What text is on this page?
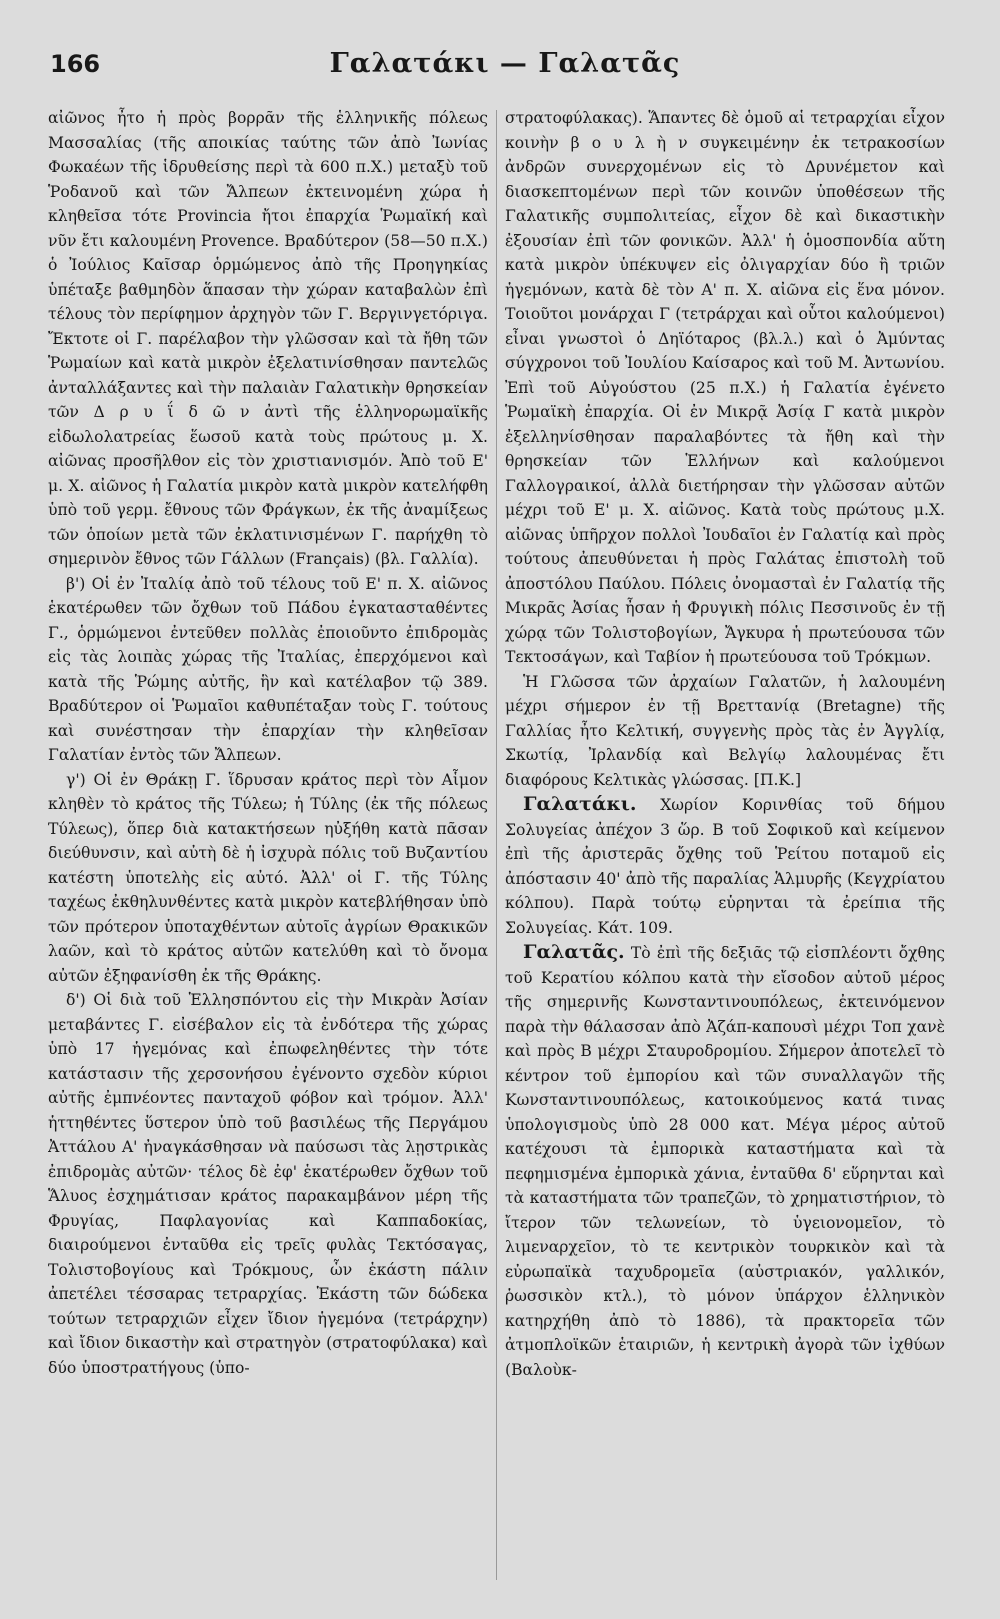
166	Γαλατάκι — Γαλατᾶς

αἰῶνος ἦτο ἡ πρὸς βορρᾶν τῆς ἑλληνικῆς πόλεως Μασσαλίας (τῆς αποικίας ταύτης τῶν ἀπὸ Ἰωνίας Φωκαέων τῆς ἱδρυθείσης περὶ τὰ 600 π.Χ.) μεταξὺ τοῦ Ῥοδανοῦ καὶ τῶν Ἄλπεων ἐκτεινομένη χώρα ἡ κληθεῖσα τότε Provincia ἤτοι ἐπαρχία Ῥωμαϊκή καὶ νῦν ἔτι καλουμένη Provence. Βραδύτερον (58—50 π.Χ.) ὁ Ἰούλιος Καῖσαρ ὁρμώμενος ἀπὸ τῆς Προηγηκίας ὑπέταξε βαθμηδὸν ἅπασαν τὴν χώραν καταβαλὼν ἐπὶ τέλους τὸν περίφημον ἀρχηγὸν τῶν Γ. Βεργινγετόριγα. Ἔκτοτε οἱ Γ. παρέλαβον τὴν γλῶσσαν καὶ τὰ ἤθη τῶν Ῥωμαίων καὶ κατὰ μικρὸν ἐξελατινίσθησαν παντελῶς ἀνταλλάξαντες καὶ τὴν παλαιὰν Γαλατικὴν θρησκείαν τῶν Δ ρ υ ΐ δ ῶ ν ἀντὶ τῆς ἑλληνορωμαϊκῆς εἰδωλολατρείας ἕωσοῦ κατὰ τοὺς πρώτους μ. Χ. αἰῶνας προσῆλθον εἰς τὸν χριστιανισμόν. Ἀπὸ τοῦ Ε' μ. Χ. αἰῶνος ἡ Γαλατία μικρὸν κατὰ μικρὸν κατελήφθη ὑπὸ τοῦ γερμ. ἔθνους τῶν Φράγκων, ἐκ τῆς ἀναμίξεως τῶν ὁποίων μετὰ τῶν ἐκλατινισμένων Γ. παρήχθη τὸ σημερινὸν ἔθνος τῶν Γάλλων (Français) (βλ. Γαλλία).

β') Οἱ ἐν Ἰταλίᾳ ἀπὸ τοῦ τέλους τοῦ Ε' π. Χ. αἰῶνος ἑκατέρωθεν τῶν ὄχθων τοῦ Πάδου ἐγκατασταθέντες Γ., ὁρμώμενοι ἐντεῦθεν πολλὰς ἐποιοῦντο ἐπιδρομὰς εἰς τὰς λοιπὰς χώρας τῆς Ἰταλίας, ἐπερχόμενοι καὶ κατὰ τῆς Ῥώμης αὐτῆς, ἣν καὶ κατέλαβον τῷ 389. Βραδύτερον οἱ Ῥωμαῖοι καθυπέταξαν τοὺς Γ. τούτους καὶ συνέστησαν τὴν ἐπαρχίαν τὴν κληθεῖσαν Γαλατίαν ἐντὸς τῶν Ἄλπεων.

γ') Οἱ ἐν Θράκῃ Γ. ἵδρυσαν κράτος περὶ τὸν Αἷμον κληθὲν τὸ κράτος τῆς Τύλεω; ἡ Τύλης (ἐκ τῆς πόλεως Τύλεως), ὅπερ διὰ κατακτήσεων ηὐξήθη κατὰ πᾶσαν διεύθυνσιν, καὶ αὐτὴ δὲ ἡ ἰσχυρὰ πόλις τοῦ Βυζαντίου κατέστη ὑποτελὴς εἰς αὐτό. Ἀλλ' οἱ Γ. τῆς Τύλης ταχέως ἐκθηλυνθέντες κατὰ μικρὸν κατεβλήθησαν ὑπὸ τῶν πρότερον ὑποταχθέντων αὐτοῖς ἀγρίων Θρακικῶν λαῶν, καὶ τὸ κράτος αὐτῶν κατελύθη καὶ τὸ ὄνομα αὐτῶν ἐξηφανίσθη ἐκ τῆς Θράκης.

δ') Οἱ διὰ τοῦ Ἑλλησπόντου εἰς τὴν Μικρὰν Ἀσίαν μεταβάντες Γ. εἰσέβαλον εἰς τὰ ἐνδότερα τῆς χώρας ὑπὸ 17 ἡγεμόνας καὶ ἐπωφεληθέντες τὴν τότε κατάστασιν τῆς χερσονήσου ἐγένοντο σχεδὸν κύριοι αὐτῆς ἐμπνέοντες πανταχοῦ φόβον καὶ τρόμον. Ἀλλ' ἡττηθέντες ὕστερον ὑπὸ τοῦ βασιλέως τῆς Περγάμου Ἀττάλου Α' ἠναγκάσθησαν νὰ παύσωσι τὰς λῃστρικὰς ἐπιδρομὰς αὐτῶν· τέλος δὲ ἐφ' ἑκατέρωθεν ὄχθων τοῦ Ἅλυος ἐσχημάτισαν κράτος παρακαμβάνον μέρη τῆς Φρυγίας, Παφλαγονίας καὶ Καππαδοκίας, διαιρούμενοι ἐνταῦθα εἰς τρεῖς φυλὰς Τεκτόσαγας, Τολιστοβογίους καὶ Τρόκμους, ὧν ἑκάστη πάλιν ἀπετέλει τέσσαρας τετραρχίας. Ἑκάστη τῶν δώδεκα τούτων τετραρχιῶν εἶχεν ἴδιον ἡγεμόνα (τετράρχην) καὶ ἴδιον δικαστὴν καὶ στρατηγὸν (στρατοφύλακα) καὶ δύο ὑποστρατήγους (ὑπο-

στρατοφύλακας). Ἅπαντες δὲ ὁμοῦ αἱ τετραρχίαι εἶχον κοινὴν β ο υ λ ὴ ν συγκειμένην ἐκ τετρακοσίων ἀνδρῶν συνερχομένων εἰς τὸ Δρυνέμετον καὶ διασκεπτομένων περὶ τῶν κοινῶν ὑποθέσεων τῆς Γαλατικῆς συμπολιτείας, εἶχον δὲ καὶ δικαστικὴν ἐξουσίαν ἐπὶ τῶν φονικῶν. Ἀλλ' ἡ ὁμοσπονδία αὕτη κατὰ μικρὸν ὑπέκυψεν εἰς ὀλιγαρχίαν δύο ἢ τριῶν ἡγεμόνων, κατὰ δὲ τὸν Α' π. Χ. αἰῶνα εἰς ἕνα μόνον. Τοιοῦτοι μονάρχαι Γ (τετράρχαι καὶ οὗτοι καλούμενοι) εἶναι γνωστοὶ ὁ Δηϊόταρος (βλ.λ.) καὶ ὁ Ἀμύντας σύγχρονοι τοῦ Ἰουλίου Καίσαρος καὶ τοῦ Μ. Ἀντωνίου. Ἐπὶ τοῦ Αὐγούστου (25 π.Χ.) ἡ Γαλατία ἐγένετο Ῥωμαϊκὴ ἐπαρχία. Οἱ ἐν Μικρᾷ Ἀσίᾳ Γ κατὰ μικρὸν ἐξελληνίσθησαν παραλαβόντες τὰ ἤθη καὶ τὴν θρησκείαν τῶν Ἑλλήνων καὶ καλούμενοι Γαλλογραικοί, ἀλλὰ διετήρησαν τὴν γλῶσσαν αὐτῶν μέχρι τοῦ Ε' μ. Χ. αἰῶνος. Κατὰ τοὺς πρώτους μ.Χ. αἰῶνας ὑπῆρχον πολλοὶ Ἰουδαῖοι ἐν Γαλατίᾳ καὶ πρὸς τούτους ἀπευθύνεται ἡ πρὸς Γαλάτας ἐπιστολὴ τοῦ ἀποστόλου Παύλου. Πόλεις ὀνομασταὶ ἐν Γαλατίᾳ τῆς Μικρᾶς Ἀσίας ἦσαν ἡ Φρυγικὴ πόλις Πεσσινοῦς ἐν τῇ χώρᾳ τῶν Τολιστοβογίων, Ἄγκυρα ἡ πρωτεύουσα τῶν Τεκτοσάγων, καὶ Ταβίον ἡ πρωτεύουσα τοῦ Τρόκμων.

Ἡ Γλῶσσα τῶν ἀρχαίων Γαλατῶν, ἡ λαλουμένη μέχρι σήμερον ἐν τῇ Βρεττανίᾳ (Bretagne) τῆς Γαλλίας ἦτο Κελτική, συγγενὴς πρὸς τὰς ἐν Ἀγγλίᾳ, Σκωτίᾳ, Ἰρλανδίᾳ καὶ Βελγίῳ λαλουμένας ἔτι διαφόρους Κελτικὰς γλώσσας. [Π.Κ.]

Γαλατάκι. Χωρίον Κορινθίας τοῦ δήμου Σολυγείας ἀπέχον 3 ὥρ. Β τοῦ Σοφικοῦ καὶ κείμενον ἐπὶ τῆς ἀριστερᾶς ὄχθης τοῦ Ῥείτου ποταμοῦ εἰς ἀπόστασιν 40' ἀπὸ τῆς παραλίας Ἁλμυρῆς (Κεγχρίατου κόλπου). Παρὰ τούτῳ εὑρηνται τὰ ἐρείπια τῆς Σολυγείας. Κάτ. 109.

Γαλατᾶς. Τὸ ἐπὶ τῆς δεξιᾶς τῷ εἰσπλέοντι ὄχθης τοῦ Κερατίου κόλπου κατὰ τὴν εἴσοδον αὐτοῦ μέρος τῆς σημερινῆς Κωνσταντινουπόλεως, ἐκτεινόμενον παρὰ τὴν θάλασσαν ἀπὸ Ἀζάπ-καπουσὶ μέχρι Τοπ χανὲ καὶ πρὸς Β μέχρι Σταυροδρομίου. Σήμερον ἀποτελεῖ τὸ κέντρον τοῦ ἐμπορίου καὶ τῶν συναλλαγῶν τῆς Κωνσταντινουπόλεως, κατοικούμενος κατά τινας ὑπολογισμοὺς ὑπὸ 28 000 κατ. Μέγα μέρος αὐτοῦ κατέχουσι τὰ ἐμπορικὰ καταστήματα καὶ τὰ πεφημισμένα ἐμπορικὰ χάνια, ἐνταῦθα δ' εὕρηνται καὶ τὰ καταστήματα τῶν τραπεζῶν, τὸ χρηματιστήριον, τὸ ἴτερον τῶν τελωνείων, τὸ ὑγειονομεῖον, τὸ λιμεναρχεῖον, τὸ τε κεντρικὸν τουρκικὸν καὶ τὰ εὐρωπαϊκὰ ταχυδρομεῖα (αὐστριακόν, γαλλικόν, ῥωσσικὸν κτλ.), τὸ μόνον ὑπάρχον ἑλληνικὸν κατηρχήθη ἀπὸ τὸ 1886), τὰ πρακτορεῖα τῶν ἀτμοπλοϊκῶν ἑταιριῶν, ἡ κεντρικὴ ἀγορὰ τῶν ἰχθύων (Βαλοὺκ-
